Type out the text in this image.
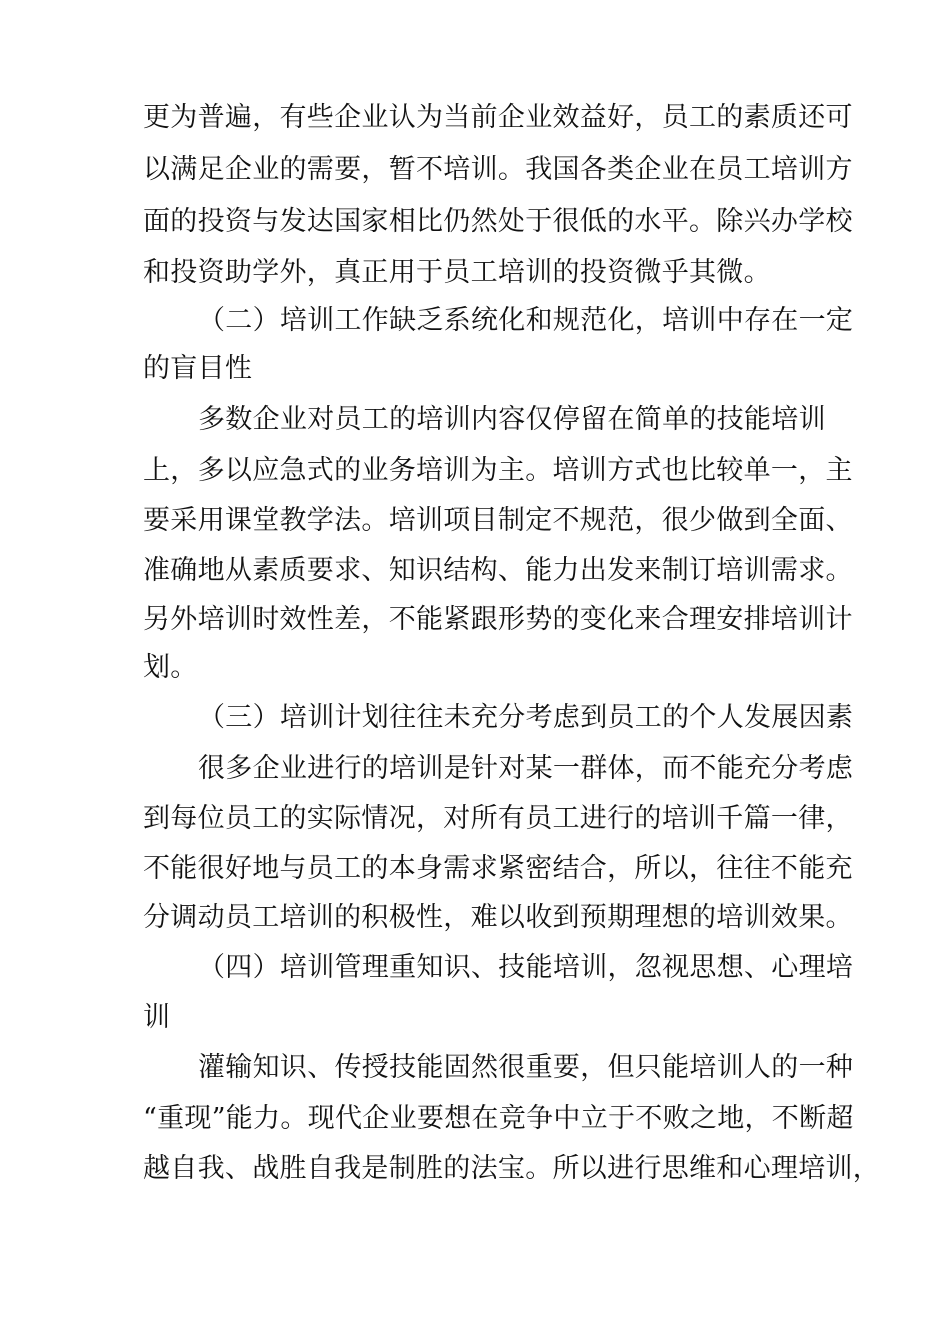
更为普遍，有些企业认为当前企业效益好，员工的素质还可
以满足企业的需要，暂不培训。我国各类企业在员工培训方
面的投资与发达国家相比仍然处于很低的水平。除兴办学校
和投资助学外，真正用于员工培训的投资微乎其微。
（二）培训工作缺乏系统化和规范化，培训中存在一定
的盲目性
多数企业对员工的培训内容仅停留在简单的技能培训
上，多以应急式的业务培训为主。培训方式也比较单一，主
要采用课堂教学法。培训项目制定不规范，很少做到全面、
准确地从素质要求、知识结构、能力出发来制订培训需求。
另外培训时效性差，不能紧跟形势的变化来合理安排培训计
划。
（三）培训计划往往未充分考虑到员工的个人发展因素
很多企业进行的培训是针对某一群体，而不能充分考虑
到每位员工的实际情况，对所有员工进行的培训千篇一律，
不能很好地与员工的本身需求紧密结合，所以，往往不能充
分调动员工培训的积极性，难以收到预期理想的培训效果。
（四）培训管理重知识、技能培训，忽视思想、心理培
训
灌输知识、传授技能固然很重要，但只能培训人的一种
“重现”能力。现代企业要想在竞争中立于不败之地，不断超
越自我、战胜自我是制胜的法宝。所以进行思维和心理培训，
